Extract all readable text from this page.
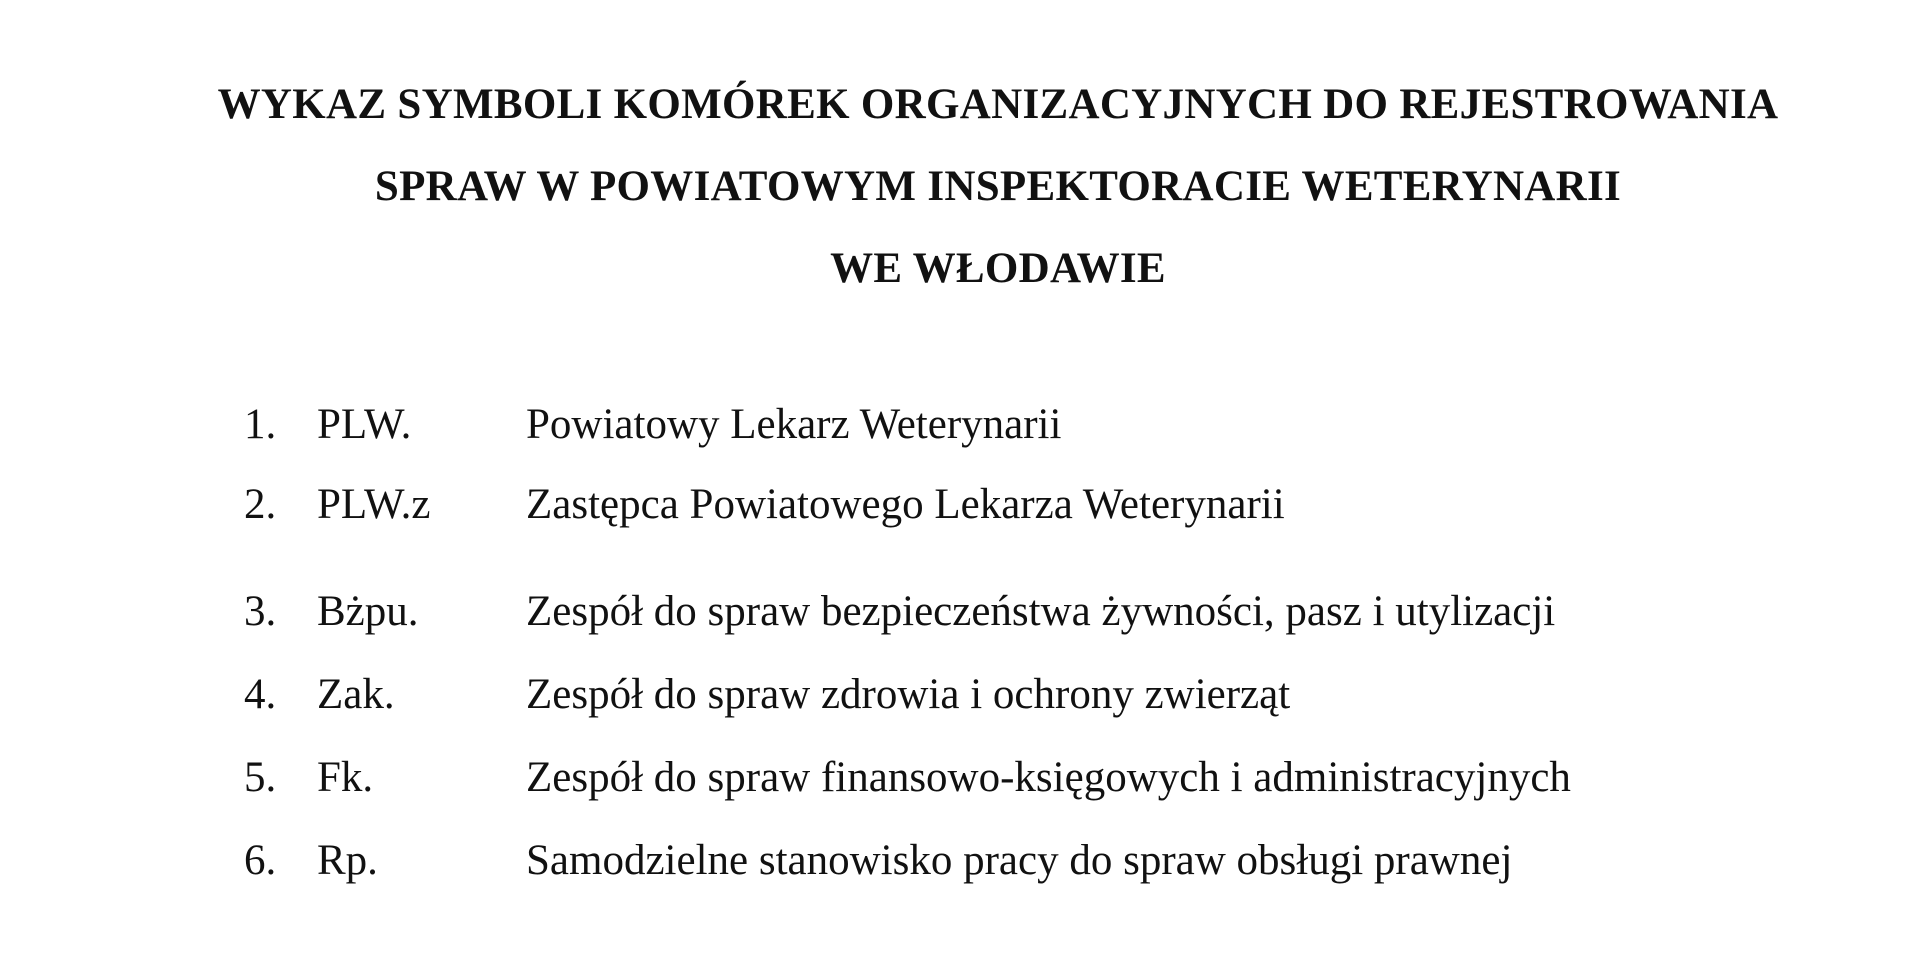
WYKAZ SYMBOLI KOMÓREK ORGANIZACYJNYCH DO REJESTROWANIA
SPRAW W POWIATOWYM INSPEKTORACIE WETERYNARII
WE WŁODAWIE
1. PLW.	Powiatowy Lekarz Weterynarii
2. PLW.z Zastępca Powiatowego Lekarza Weterynarii
3. Bżpu. Zespół do spraw bezpieczeństwa żywności, pasz i utylizacji
4. Zak.	Zespół do spraw zdrowia i ochrony zwierząt
5. Fk.	Zespół do spraw finansowo-księgowych i administracyjnych
6. Rp.	Samodzielne stanowisko pracy do spraw obsługi prawnej
